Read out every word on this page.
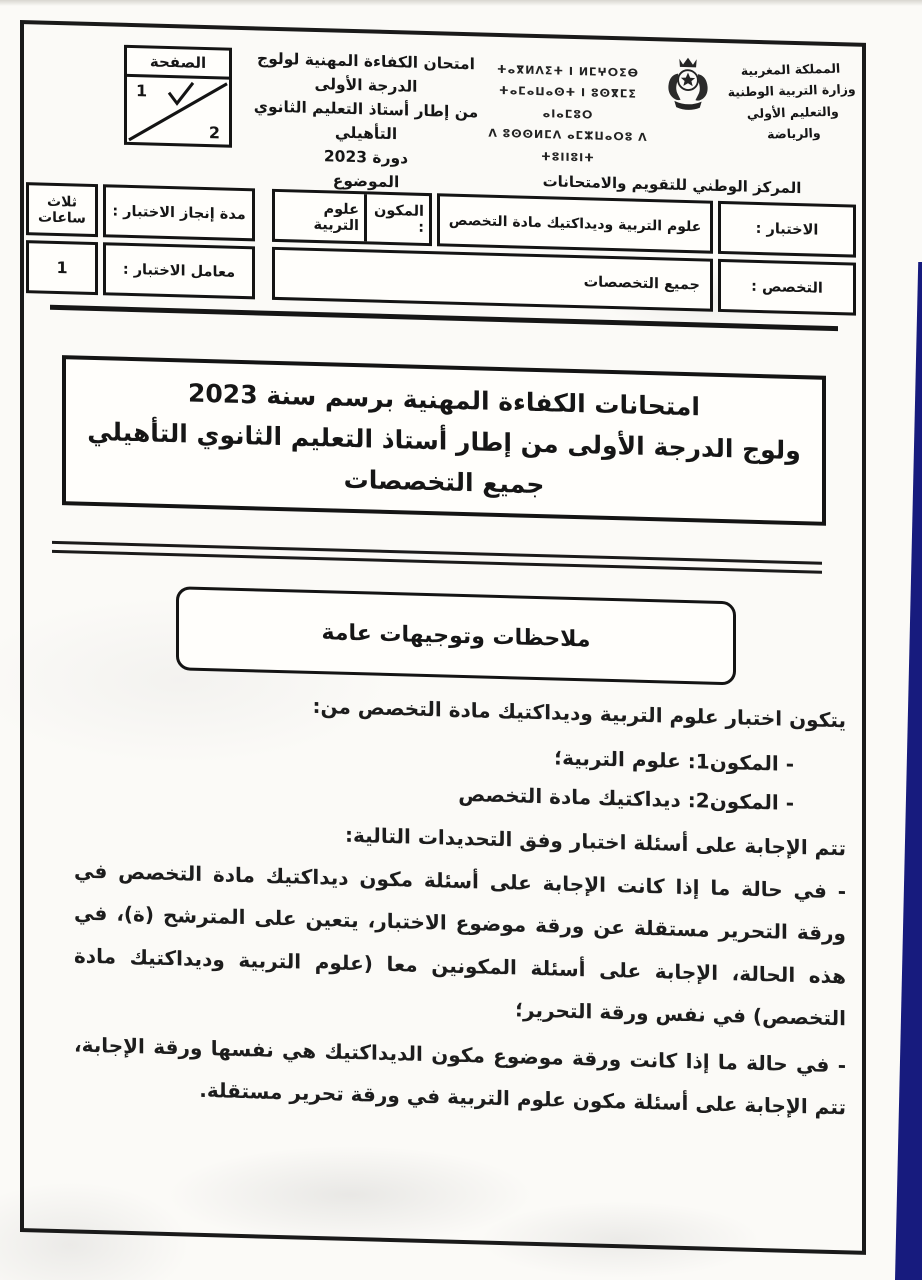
الصفحة
1
2
امتحان الكفاءة المهنية لولوج الدرجة الأولى
من إطار أستاذ التعليم الثانوي التأهيلي
دورة 2023
الموضوع
المملكة المغربية
وزارة التربية الوطنية
والتعليم الأولي والرياضة
ⵜⴰⴳⵍⴷⵉⵜ ⵏ ⵍⵎⵖⵔⵉⴱ
ⵜⴰⵎⴰⵡⴰⵙⵜ ⵏ ⵓⵙⴳⵎⵉ ⴰⵏⴰⵎⵓⵔ
ⴷ ⵓⵙⵙⵍⵎⴷ ⴰⵎⵣⵡⴰⵔⵓ ⴷ ⵜⵓⵏⵏⵓⵏⵜ
المركز الوطني للتقويم والامتحانات
الاختبار :
علوم التربية وديداكتيك مادة التخصص
المكون :
علوم التربية
مدة إنجاز الاختبار :
ثلاث ساعات
التخصص :
جميع التخصصات
معامل الاختبار :
1
امتحانات الكفاءة المهنية برسم سنة 2023
ولوج الدرجة الأولى من إطار أستاذ التعليم الثانوي التأهيلي
جميع التخصصات
ملاحظات وتوجيهات عامة
يتكون اختبار علوم التربية وديداكتيك مادة التخصص من:
- المكون1: علوم التربية؛
- المكون2: ديداكتيك مادة التخصص
تتم الإجابة على أسئلة اختبار وفق التحديدات التالية:
- في حالة ما إذا كانت الإجابة على أسئلة مكون ديداكتيك مادة التخصص في ورقة التحرير مستقلة عن ورقة موضوع الاختبار، يتعين على المترشح (ة)، في هذه الحالة، الإجابة على أسئلة المكونين معا (علوم التربية وديداكتيك مادة التخصص) في نفس ورقة التحرير؛
- في حالة ما إذا كانت ورقة موضوع مكون الديداكتيك هي نفسها ورقة الإجابة، تتم الإجابة على أسئلة مكون علوم التربية في ورقة تحرير مستقلة.
